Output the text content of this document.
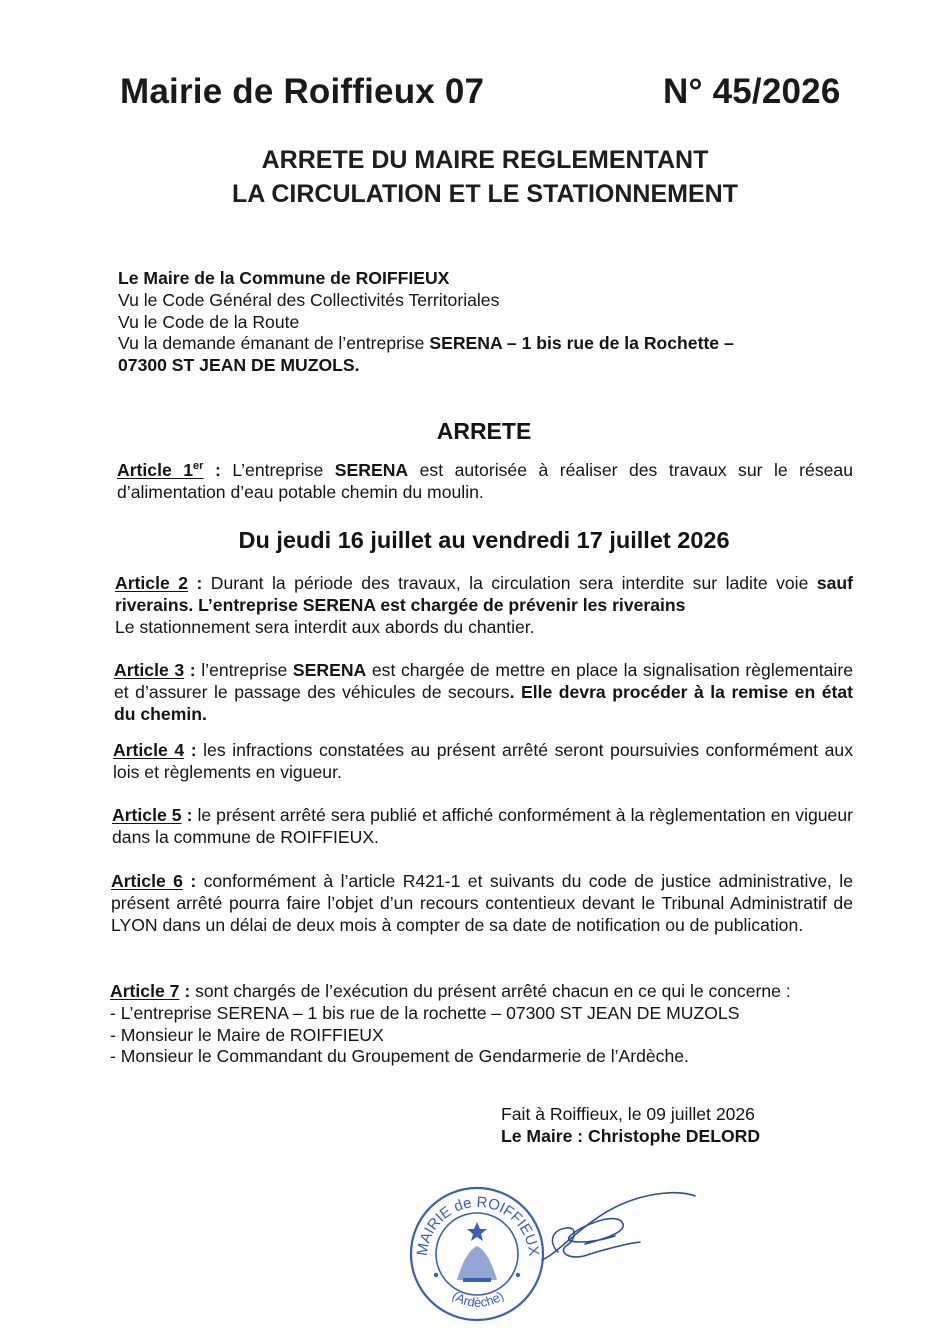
Mairie de Roiffieux 07	N° 45/2026
ARRETE DU MAIRE REGLEMENTANT
LA CIRCULATION ET LE STATIONNEMENT
Le Maire de la Commune de ROIFFIEUX
Vu le Code Général des Collectivités Territoriales
Vu le Code de la Route
Vu la demande émanant de l’entreprise SERENA – 1 bis rue de la Rochette –
07300 ST JEAN DE MUZOLS.
ARRETE
Article 1er : L’entreprise SERENA est autorisée à réaliser des travaux sur le réseau d’alimentation d’eau potable chemin du moulin.
Du jeudi 16 juillet au vendredi 17 juillet 2026
Article 2 : Durant la période des travaux, la circulation sera interdite sur ladite voie sauf riverains. L’entreprise SERENA est chargée de prévenir les riverains
Le stationnement sera interdit aux abords du chantier.
Article 3 : l’entreprise SERENA est chargée de mettre en place la signalisation règlementaire et d’assurer le passage des véhicules de secours. Elle devra procéder à la remise en état du chemin.
Article 4 : les infractions constatées au présent arrêté seront poursuivies conformément aux lois et règlements en vigueur.
Article 5 : le présent arrêté sera publié et affiché conformément à la règlementation en vigueur dans la commune de ROIFFIEUX.
Article 6 : conformément à l’article R421-1 et suivants du code de justice administrative, le présent arrêté pourra faire l’objet d’un recours contentieux devant le Tribunal Administratif de LYON dans un délai de deux mois à compter de sa date de notification ou de publication.
Article 7 : sont chargés de l’exécution du présent arrêté chacun en ce qui le concerne :
- L’entreprise SERENA – 1 bis rue de la rochette – 07300 ST JEAN DE MUZOLS
- Monsieur le Maire de ROIFFIEUX
- Monsieur le Commandant du Groupement de Gendarmerie de l’Ardèche.
Fait à Roiffieux, le 09 juillet 2026
Le Maire : Christophe DELORD
MAIRIE de ROIFFIEUX
(Ardèche)
